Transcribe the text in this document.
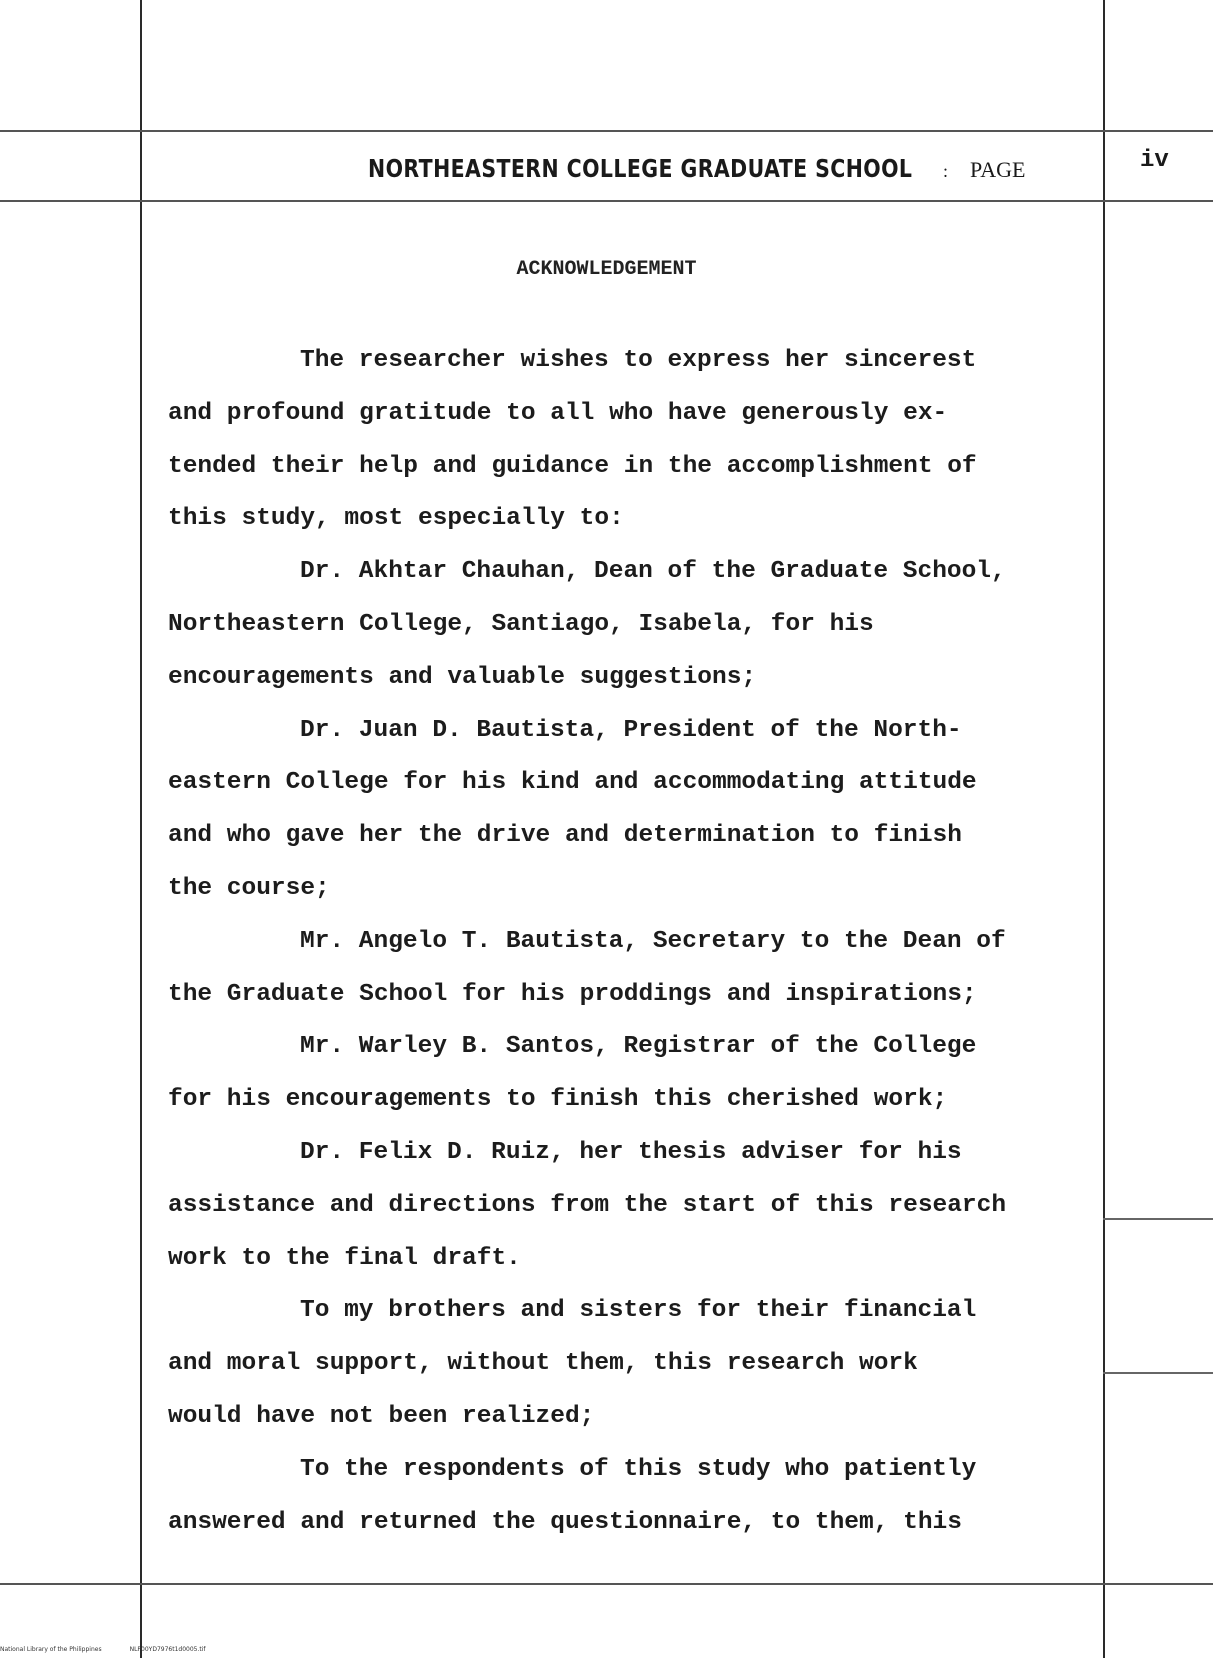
NORTHEASTERN COLLEGE GRADUATE SCHOOL : PAGE	iv
ACKNOWLEDGEMENT
The researcher wishes to express her sincerest
and profound gratitude to all who have generously ex-
tended their help and guidance in the accomplishment of
this study, most especially to:
Dr. Akhtar Chauhan, Dean of the Graduate School,
Northeastern College, Santiago, Isabela, for his
encouragements and valuable suggestions;
Dr. Juan D. Bautista, President of the North-
eastern College for his kind and accommodating attitude
and who gave her the drive and determination to finish
the course;
Mr. Angelo T. Bautista, Secretary to the Dean of
the Graduate School for his proddings and inspirations;
Mr. Warley B. Santos, Registrar of the College
for his encouragements to finish this cherished work;
Dr. Felix D. Ruiz, her thesis adviser for his
assistance and directions from the start of this research
work to the final draft.
To my brothers and sisters for their financial
and moral support, without them, this research work
would have not been realized;
To the respondents of this study who patiently
answered and returned the questionnaire, to them, this
National Library of the Philippines	NLP00YD7976t1d0005.tif
